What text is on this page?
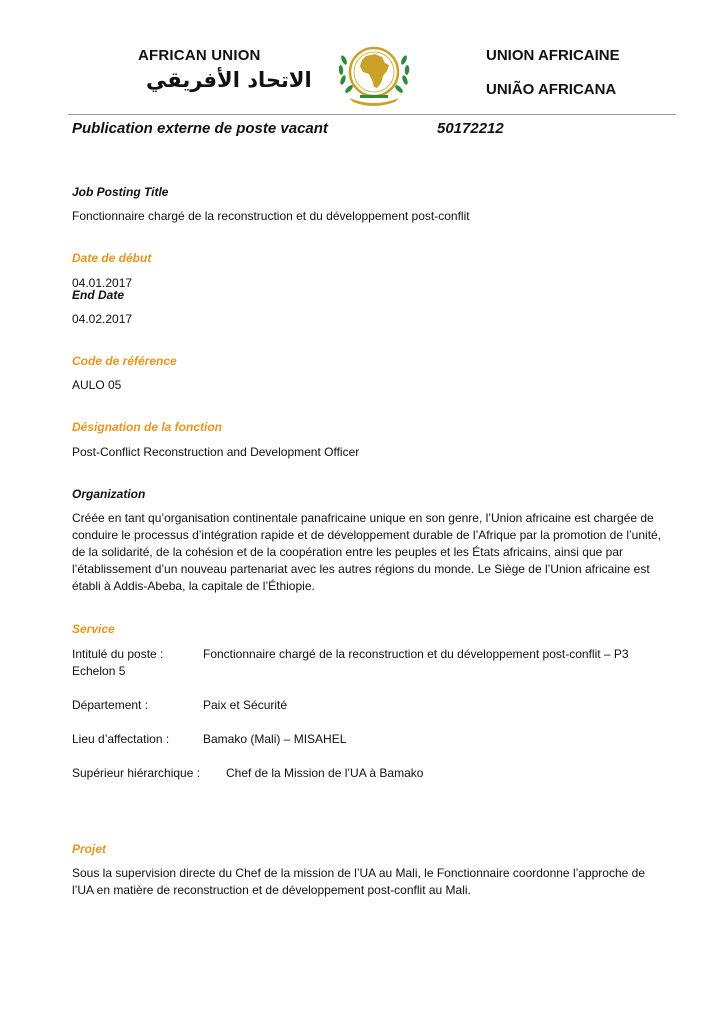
AFRICAN UNION
الاتحاد الأفريقي
UNION AFRICAINE
UNIÃO AFRICANA
Publication externe de poste vacant	50172212
Job Posting Title
Fonctionnaire chargé de la reconstruction et du développement post-conflit
Date de début
04.01.2017
End Date
04.02.2017
Code de référence
AULO 05
Désignation de la fonction
Post-Conflict Reconstruction and Development Officer
Organization
Créée en tant qu’organisation continentale panafricaine unique en son genre, l’Union africaine est chargée de
conduire le processus d’intégration rapide et de développement durable de l’Afrique par la promotion de l’unité,
de la solidarité, de la cohésion et de la coopération entre les peuples et les États africains, ainsi que par
l’établissement d’un nouveau partenariat avec les autres régions du monde. Le Siège de l’Union africaine est
établi à Addis-Abeba, la capitale de l’Éthiopie.
Service
Intitulé du poste :	Fonctionnaire chargé de la reconstruction et du développement post-conflit – P3
Echelon 5
Département :	Paix et Sécurité
Lieu d’affectation :	Bamako (Mali) – MISAHEL
Supérieur hiérarchique : Chef de la Mission de l’UA à Bamako
Projet
Sous la supervision directe du Chef de la mission de l’UA au Mali, le Fonctionnaire coordonne l’approche de
l’UA en matière de reconstruction et de développement post-conflit au Mali.
